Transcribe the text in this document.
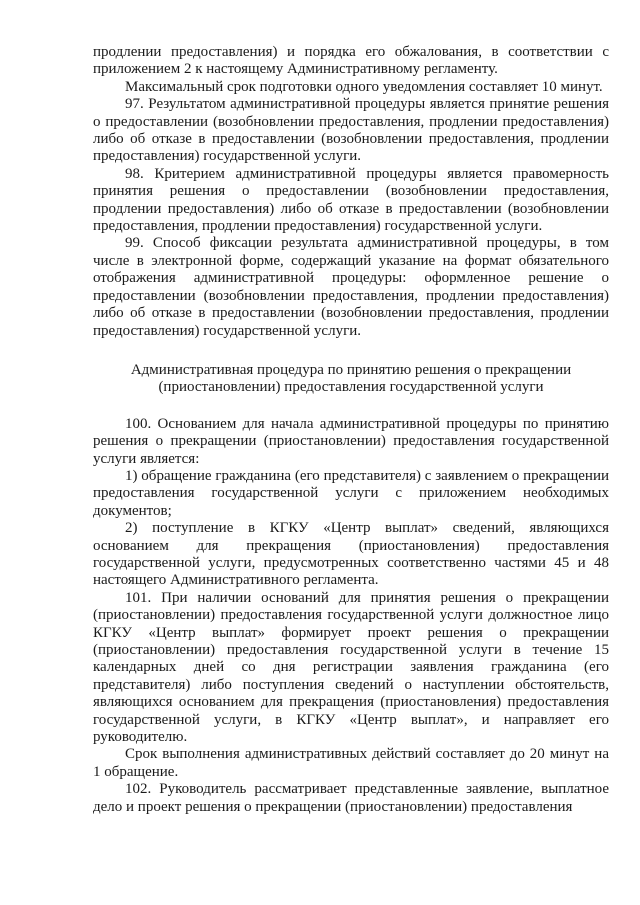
продлении предоставления) и порядка его обжалования, в соответствии с приложением 2 к настоящему Административному регламенту.

Максимальный срок подготовки одного уведомления составляет 10 минут.

97. Результатом административной процедуры является принятие решения о предоставлении (возобновлении предоставления, продлении предоставления) либо об отказе в предоставлении (возобновлении предоставления, продлении предоставления) государственной услуги.

98. Критерием административной процедуры является правомерность принятия решения о предоставлении (возобновлении предоставления, продлении предоставления) либо об отказе в предоставлении (возобновлении предоставления, продлении предоставления) государственной услуги.

99. Способ фиксации результата административной процедуры, в том числе в электронной форме, содержащий указание на формат обязательного отображения административной процедуры: оформленное решение о предоставлении (возобновлении предоставления, продлении предоставления) либо об отказе в предоставлении (возобновлении предоставления, продлении предоставления) государственной услуги.

Административная процедура по принятию решения о прекращении (приостановлении) предоставления государственной услуги

100. Основанием для начала административной процедуры по принятию решения о прекращении (приостановлении) предоставления государственной услуги является:

1) обращение гражданина (его представителя) с заявлением о прекращении предоставления государственной услуги с приложением необходимых документов;

2) поступление в КГКУ «Центр выплат» сведений, являющихся основанием для прекращения (приостановления) предоставления государственной услуги, предусмотренных соответственно частями 45 и 48 настоящего Административного регламента.

101. При наличии оснований для принятия решения о прекращении (приостановлении) предоставления государственной услуги должностное лицо КГКУ «Центр выплат» формирует проект решения о прекращении (приостановлении) предоставления государственной услуги в течение 15 календарных дней со дня регистрации заявления гражданина (его представителя) либо поступления сведений о наступлении обстоятельств, являющихся основанием для прекращения (приостановления) предоставления государственной услуги, в КГКУ «Центр выплат», и направляет его руководителю.

Срок выполнения административных действий составляет до 20 минут на 1 обращение.

102. Руководитель рассматривает представленные заявление, выплатное дело и проект решения о прекращении (приостановлении) предоставления
